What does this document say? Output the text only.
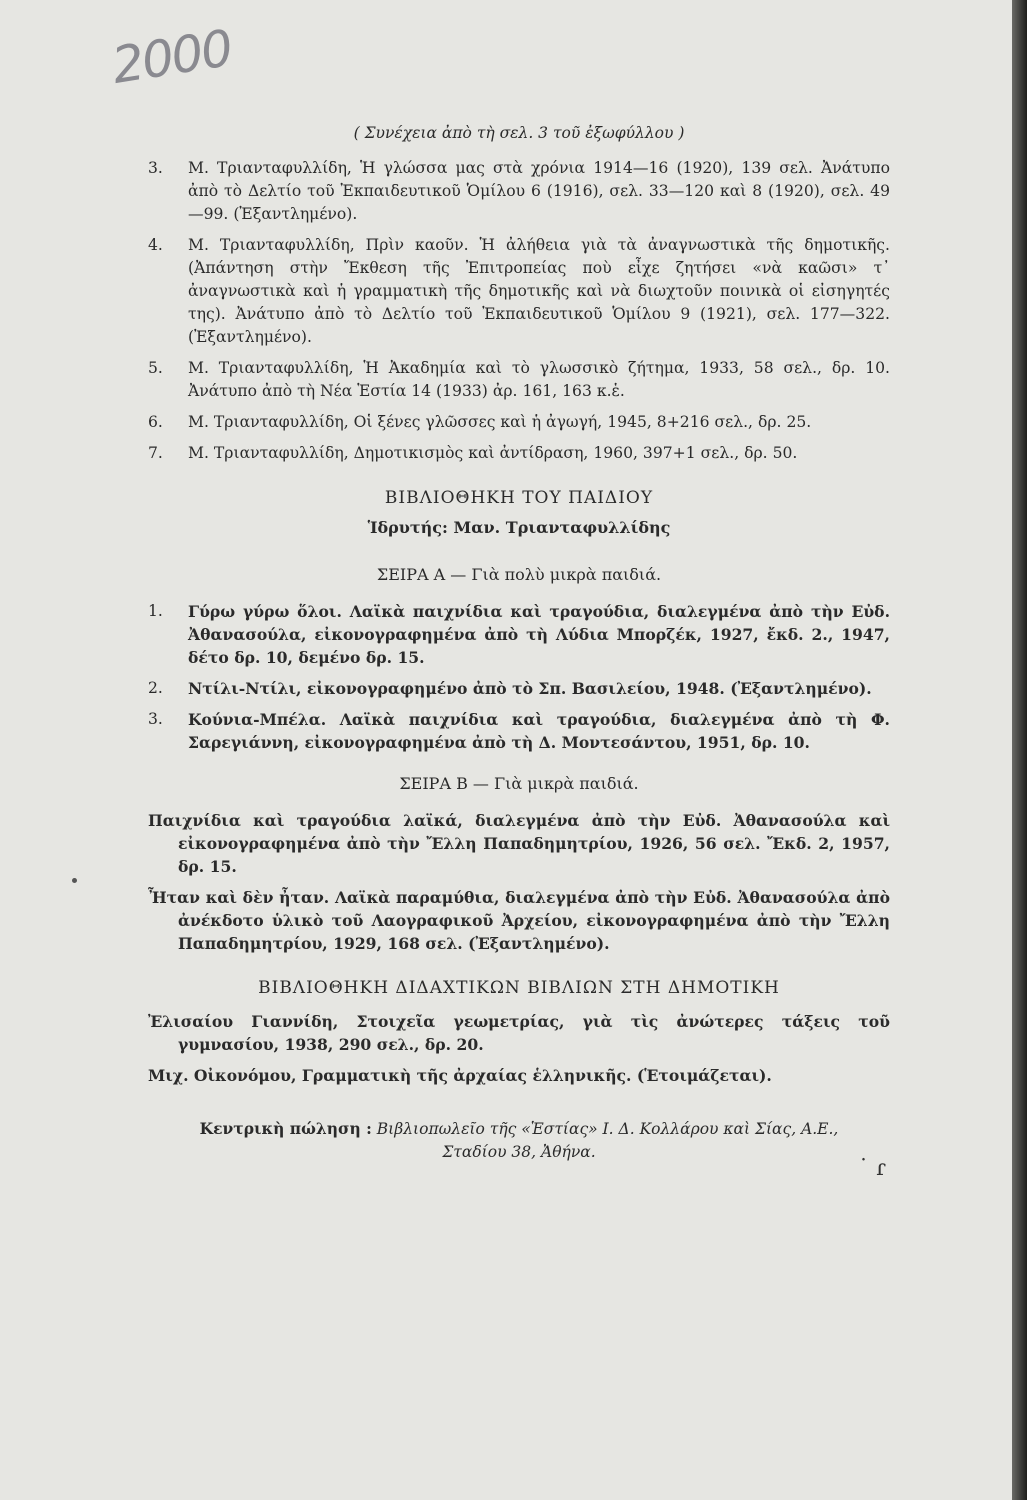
2000
˙ ɾ
( Συνέχεια ἀπὸ τὴ σελ. 3 τοῦ ἐξωφύλλου )
3.	Μ. Τριανταφυλλίδη, Ἡ γλώσσα μας στὰ χρόνια 1914—16 (1920), 139 σελ. Ἀνάτυπο ἀπὸ τὸ Δελτίο τοῦ Ἐκπαιδευτικοῦ Ὁμίλου 6 (1916), σελ. 33—120 καὶ 8 (1920), σελ. 49—99. (Ἐξαντλημένο).
4.	Μ. Τριανταφυλλίδη, Πρὶν καοῦν. Ἡ ἀλήθεια γιὰ τὰ ἀναγνωστικὰ τῆς δημοτικῆς. (Ἀπάντηση στὴν Ἔκθεση τῆς Ἐπιτροπείας ποὺ εἶχε ζητήσει «νὰ καῶσι» τ᾽ ἀναγνωστικὰ καὶ ἡ γραμματικὴ τῆς δημοτικῆς καὶ νὰ διωχτοῦν ποινικὰ οἱ εἰσηγητές της). Ἀνάτυπο ἀπὸ τὸ Δελτίο τοῦ Ἐκπαιδευτικοῦ Ὁμίλου 9 (1921), σελ. 177—322. (Ἐξαντλημένο).
5.	Μ. Τριανταφυλλίδη, Ἡ Ἀκαδημία καὶ τὸ γλωσσικὸ ζήτημα, 1933, 58 σελ., δρ. 10. Ἀνάτυπο ἀπὸ τὴ Νέα Ἑστία 14 (1933) ἀρ. 161, 163 κ.ἑ.
6.	Μ. Τριανταφυλλίδη, Οἱ ξένες γλῶσσες καὶ ἡ ἀγωγή, 1945, 8+216 σελ., δρ. 25.
7.	Μ. Τριανταφυλλίδη, Δημοτικισμὸς καὶ ἀντίδραση, 1960, 397+1 σελ., δρ. 50.
ΒΙΒΛΙΟΘΗΚΗ ΤΟΥ ΠΑΙΔΙΟΥ
Ἱδρυτής: Μαν. Τριανταφυλλίδης
ΣΕΙΡΑ Α — Γιὰ πολὺ μικρὰ παιδιά.
1.	Γύρω γύρω ὅλοι. Λαϊκὰ παιχνίδια καὶ τραγούδια, διαλεγμένα ἀπὸ τὴν Εὐδ. Ἀθανασούλα, εἰκονογραφημένα ἀπὸ τὴ Λύδια Μπορζέκ, 1927, ἔκδ. 2., 1947, δέτο δρ. 10, δεμένο δρ. 15.
2.	Ντίλι-Ντίλι, εἰκονογραφημένο ἀπὸ τὸ Σπ. Βασιλείου, 1948. (Ἐξαντλημένο).
3.	Κούνια-Μπέλα. Λαϊκὰ παιχνίδια καὶ τραγούδια, διαλεγμένα ἀπὸ τὴ Φ. Σαρεγιάννη, εἰκονογραφημένα ἀπὸ τὴ Δ. Μοντεσάντου, 1951, δρ. 10.
ΣΕΙΡΑ Β — Γιὰ μικρὰ παιδιά.
Παιχνίδια καὶ τραγούδια λαϊκά, διαλεγμένα ἀπὸ τὴν Εὐδ. Ἀθανασούλα καὶ εἰκονογραφημένα ἀπὸ τὴν Ἔλλη Παπαδημητρίου, 1926, 56 σελ. Ἔκδ. 2, 1957, δρ. 15.
Ἦταν καὶ δὲν ἦταν. Λαϊκὰ παραμύθια, διαλεγμένα ἀπὸ τὴν Εὐδ. Ἀθανασούλα ἀπὸ ἀνέκδοτο ὑλικὸ τοῦ Λαογραφικοῦ Ἀρχείου, εἰκονογραφημένα ἀπὸ τὴν Ἔλλη Παπαδημητρίου, 1929, 168 σελ. (Ἐξαντλημένο).
ΒΙΒΛΙΟΘΗΚΗ ΔΙΔΑΧΤΙΚΩΝ ΒΙΒΛΙΩΝ ΣΤΗ ΔΗΜΟΤΙΚΗ
Ἐλισαίου Γιαννίδη, Στοιχεῖα γεωμετρίας, γιὰ τὶς ἀνώτερες τάξεις τοῦ γυμνασίου, 1938, 290 σελ., δρ. 20.
Μιχ. Οἰκονόμου, Γραμματικὴ τῆς ἀρχαίας ἑλληνικῆς. (Ἑτοιμάζεται).
Κεντρικὴ πώληση : Βιβλιοπωλεῖο τῆς «Ἑστίας» Ι. Δ. Κολλάρου καὶ Σίας, Α.Ε.,
Σταδίου 38, Ἀθήνα.
